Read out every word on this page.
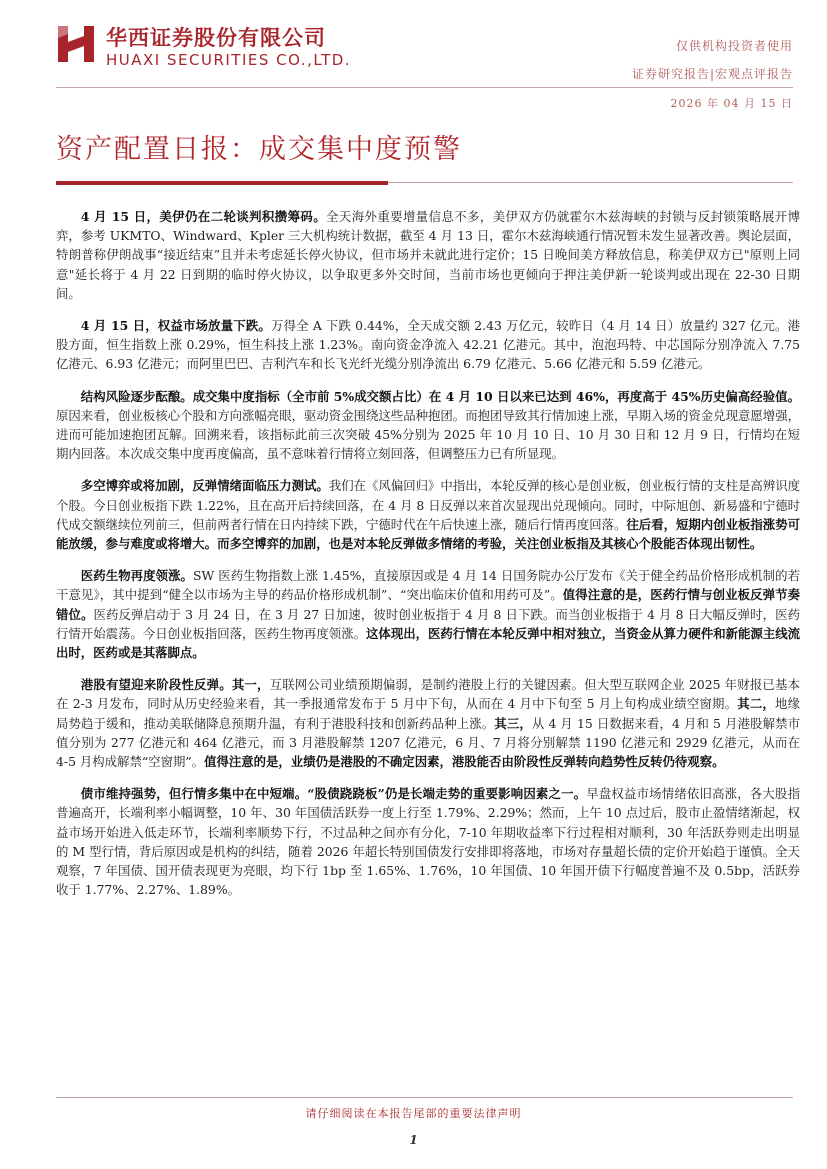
华西证券股份有限公司
HUAXI SECURITIES CO.,LTD.
仅供机构投资者使用
证券研究报告|宏观点评报告
2026 年 04 月 15 日
资产配置日报：成交集中度预警

4 月 15 日，美伊仍在二轮谈判积攒筹码。全天海外重要增量信息不多，美伊双方仍就霍尔木兹海峡的封锁与反封锁策略展开博弈，参考 UKMTO、Windward、Kpler 三大机构统计数据，截至 4 月 13 日，霍尔木兹海峡通行情况暂未发生显著改善。舆论层面，特朗普称伊朗战事“接近结束”且并未考虑延长停火协议，但市场并未就此进行定价；15 日晚间美方释放信息，称美伊双方已"原则上同意"延长将于 4 月 22 日到期的临时停火协议，以争取更多外交时间，当前市场也更倾向于押注美伊新一轮谈判或出现在 22-30 日期间。

4 月 15 日，权益市场放量下跌。万得全 A 下跌 0.44%，全天成交额 2.43 万亿元，较昨日（4 月 14 日）放量约 327 亿元。港股方面，恒生指数上涨 0.29%，恒生科技上涨 1.23%。南向资金净流入 42.21 亿港元。其中，泡泡玛特、中芯国际分别净流入 7.75 亿港元、6.93 亿港元；而阿里巴巴、吉利汽车和长飞光纤光缆分别净流出 6.79 亿港元、5.66 亿港元和 5.59 亿港元。

结构风险逐步酝酿。成交集中度指标（全市前 5%成交额占比）在 4 月 10 日以来已达到 46%，再度高于 45%历史偏高经验值。原因来看，创业板核心个股和方向涨幅亮眼，驱动资金围绕这些品种抱团。而抱团导致其行情加速上涨，早期入场的资金兑现意愿增强，进而可能加速抱团瓦解。回溯来看，该指标此前三次突破 45%分别为 2025 年 10 月 10 日、10 月 30 日和 12 月 9 日，行情均在短期内回落。本次成交集中度再度偏高，虽不意味着行情将立刻回落，但调整压力已有所显现。

多空博弈或将加剧，反弹情绪面临压力测试。我们在《风偏回归》中指出，本轮反弹的核心是创业板，创业板行情的支柱是高辨识度个股。今日创业板指下跌 1.22%，且在高开后持续回落，在 4 月 8 日反弹以来首次显现出兑现倾向。同时，中际旭创、新易盛和宁德时代成交额继续位列前三，但前两者行情在日内持续下跌，宁德时代在午后快速上涨，随后行情再度回落。往后看，短期内创业板指涨势可能放缓，参与难度或将增大。而多空博弈的加剧，也是对本轮反弹做多情绪的考验，关注创业板指及其核心个股能否体现出韧性。

医药生物再度领涨。SW 医药生物指数上涨 1.45%，直接原因或是 4 月 14 日国务院办公厅发布《关于健全药品价格形成机制的若干意见》，其中提到“健全以市场为主导的药品价格形成机制”、“突出临床价值和用药可及”。值得注意的是，医药行情与创业板反弹节奏错位。医药反弹启动于 3 月 24 日，在 3 月 27 日加速，彼时创业板指于 4 月 8 日下跌。而当创业板指于 4 月 8 日大幅反弹时，医药行情开始震荡。今日创业板指回落，医药生物再度领涨。这体现出，医药行情在本轮反弹中相对独立，当资金从算力硬件和新能源主线流出时，医药或是其落脚点。

港股有望迎来阶段性反弹。其一，互联网公司业绩预期偏弱，是制约港股上行的关键因素。但大型互联网企业 2025 年财报已基本在 2-3 月发布，同时从历史经验来看，其一季报通常发布于 5 月中下旬，从而在 4 月中下旬至 5 月上旬构成业绩空窗期。其二，地缘局势趋于缓和，推动美联储降息预期升温，有利于港股科技和创新药品种上涨。其三，从 4 月 15 日数据来看，4 月和 5 月港股解禁市值分别为 277 亿港元和 464 亿港元，而 3 月港股解禁 1207 亿港元，6 月、7 月将分别解禁 1190 亿港元和 2929 亿港元，从而在 4-5 月构成解禁“空窗期”。值得注意的是，业绩仍是港股的不确定因素，港股能否由阶段性反弹转向趋势性反转仍待观察。

债市维持强势，但行情多集中在中短端。“股债跷跷板”仍是长端走势的重要影响因素之一。早盘权益市场情绪依旧高涨，各大股指普遍高开，长端利率小幅调整，10 年、30 年国债活跃券一度上行至 1.79%、2.29%；然而，上午 10 点过后，股市止盈情绪渐起，权益市场开始进入低走环节，长端利率顺势下行，不过品种之间亦有分化，7-10 年期收益率下行过程相对顺利，30 年活跃券则走出明显的 M 型行情，背后原因或是机构的纠结，随着 2026 年超长特别国债发行安排即将落地，市场对存量超长债的定价开始趋于谨慎。全天观察，7 年国债、国开债表现更为亮眼，均下行 1bp 至 1.65%、1.76%，10 年国债、10 年国开债下行幅度普遍不及 0.5bp，活跃券收于 1.77%、2.27%、1.89%。

请仔细阅读在本报告尾部的重要法律声明
1
